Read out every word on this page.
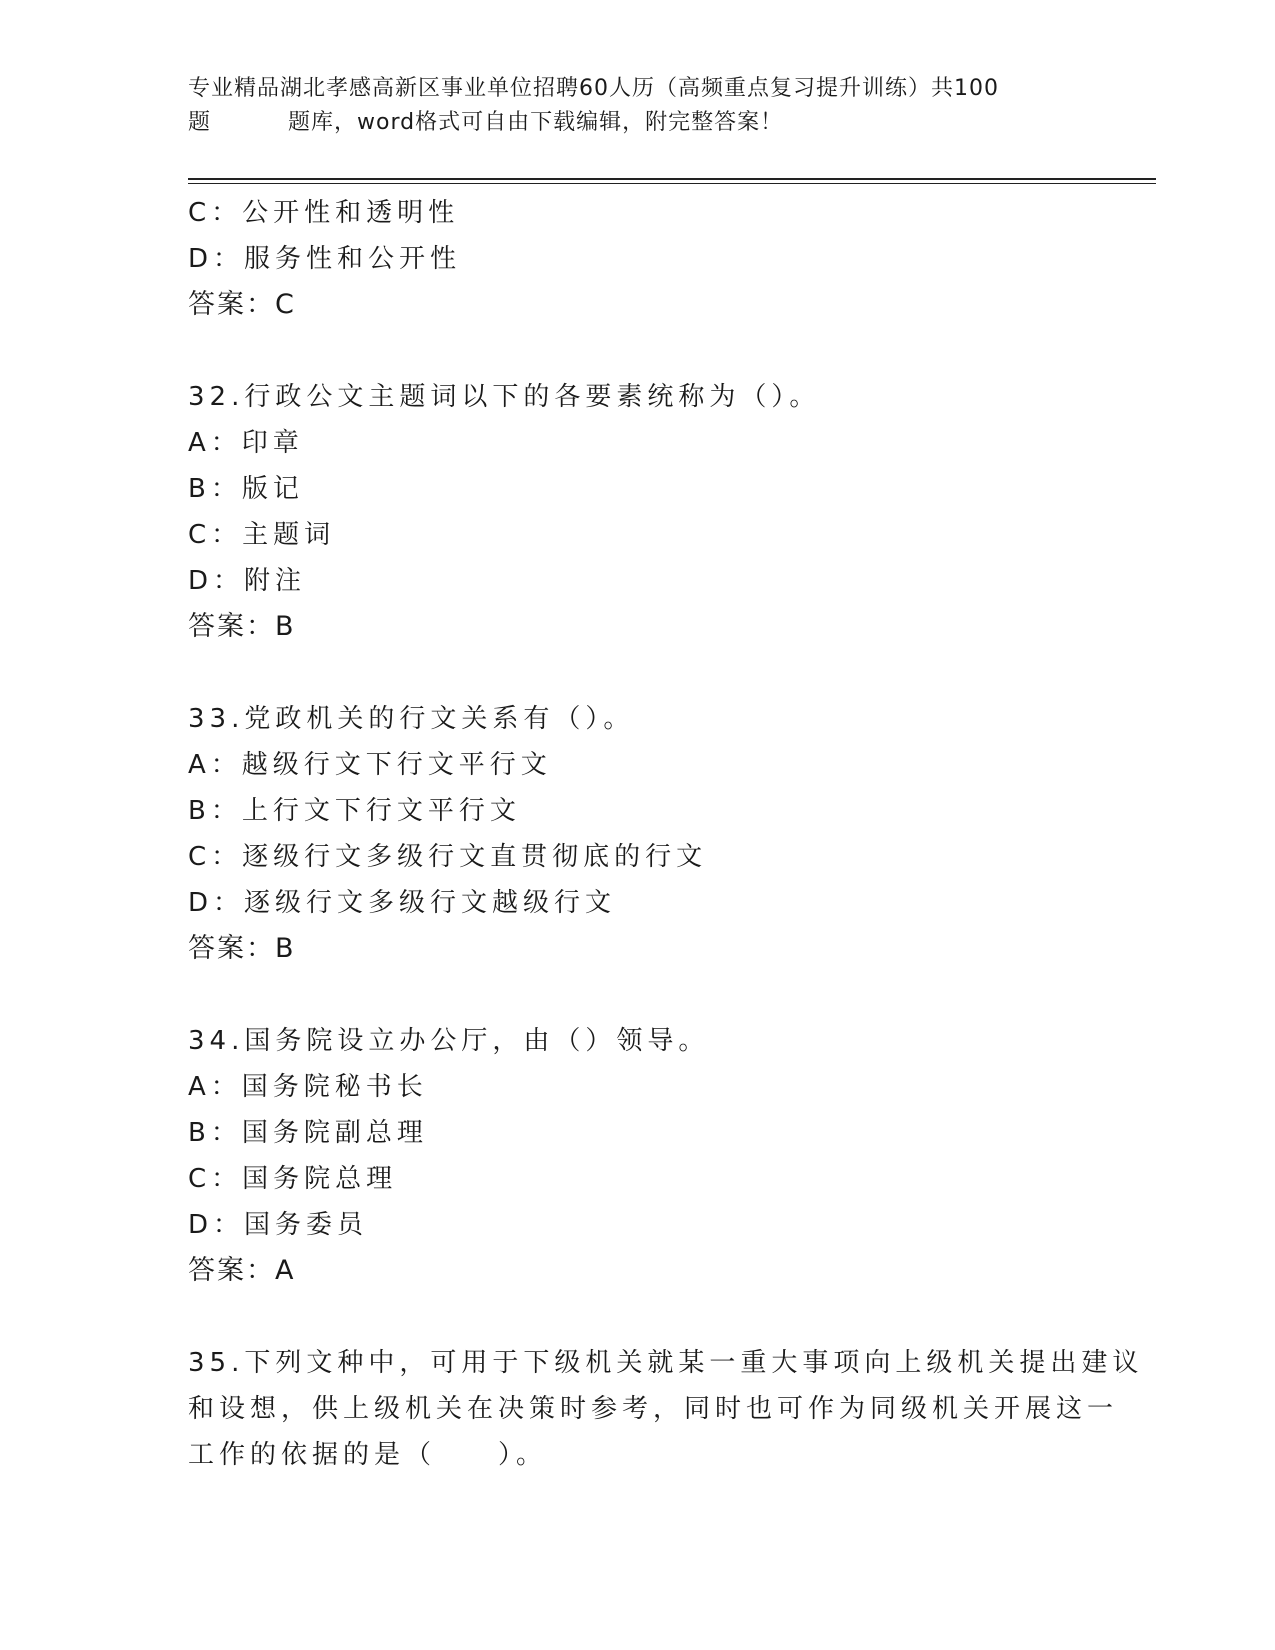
专业精品湖北孝感高新区事业单位招聘60人历（高频重点复习提升训练）共100
题	题库，word格式可自由下载编辑，附完整答案！
C：公开性和透明性
D：服务性和公开性
答案：C
32.行政公文主题词以下的各要素统称为（）。
A：印章
B：版记
C：主题词
D：附注
答案：B
33.党政机关的行文关系有（）。
A：越级行文下行文平行文
B：上行文下行文平行文
C：逐级行文多级行文直贯彻底的行文
D：逐级行文多级行文越级行文
答案：B
34.国务院设立办公厅，由（）领导。
A：国务院秘书长
B：国务院副总理
C：国务院总理
D：国务委员
答案：A
35.下列文种中，可用于下级机关就某一重大事项向上级机关提出建议
和设想，供上级机关在决策时参考，同时也可作为同级机关开展这一
工作的依据的是（　　）。
